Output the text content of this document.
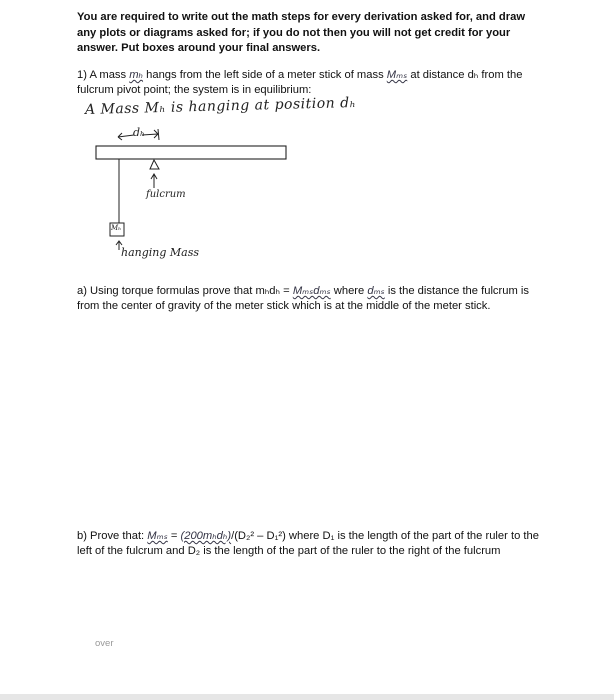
You are required to write out the math steps for every derivation asked for, and draw any plots or diagrams asked for; if you do not then you will not get credit for your answer. Put boxes around your final answers.

1) A mass mₕ hangs from the left side of a meter stick of mass Mₘₛ at distance dₕ from the fulcrum pivot point; the system is in equilibrium:

A Mass Mₕ is hanging at position dₕ
dₕ
fulcrum
Mₕ
hanging Mass

a) Using torque formulas prove that mₕdₕ = Mₘₛdₘₛ where dₘₛ is the distance the fulcrum is from the center of gravity of the meter stick which is at the middle of the meter stick.

b) Prove that: Mₘₛ = (200mₕdₕ)/(D₂² – D₁²) where D₁ is the length of the part of the ruler to the left of the fulcrum and D₂ is the length of the part of the ruler to the right of the fulcrum

over
